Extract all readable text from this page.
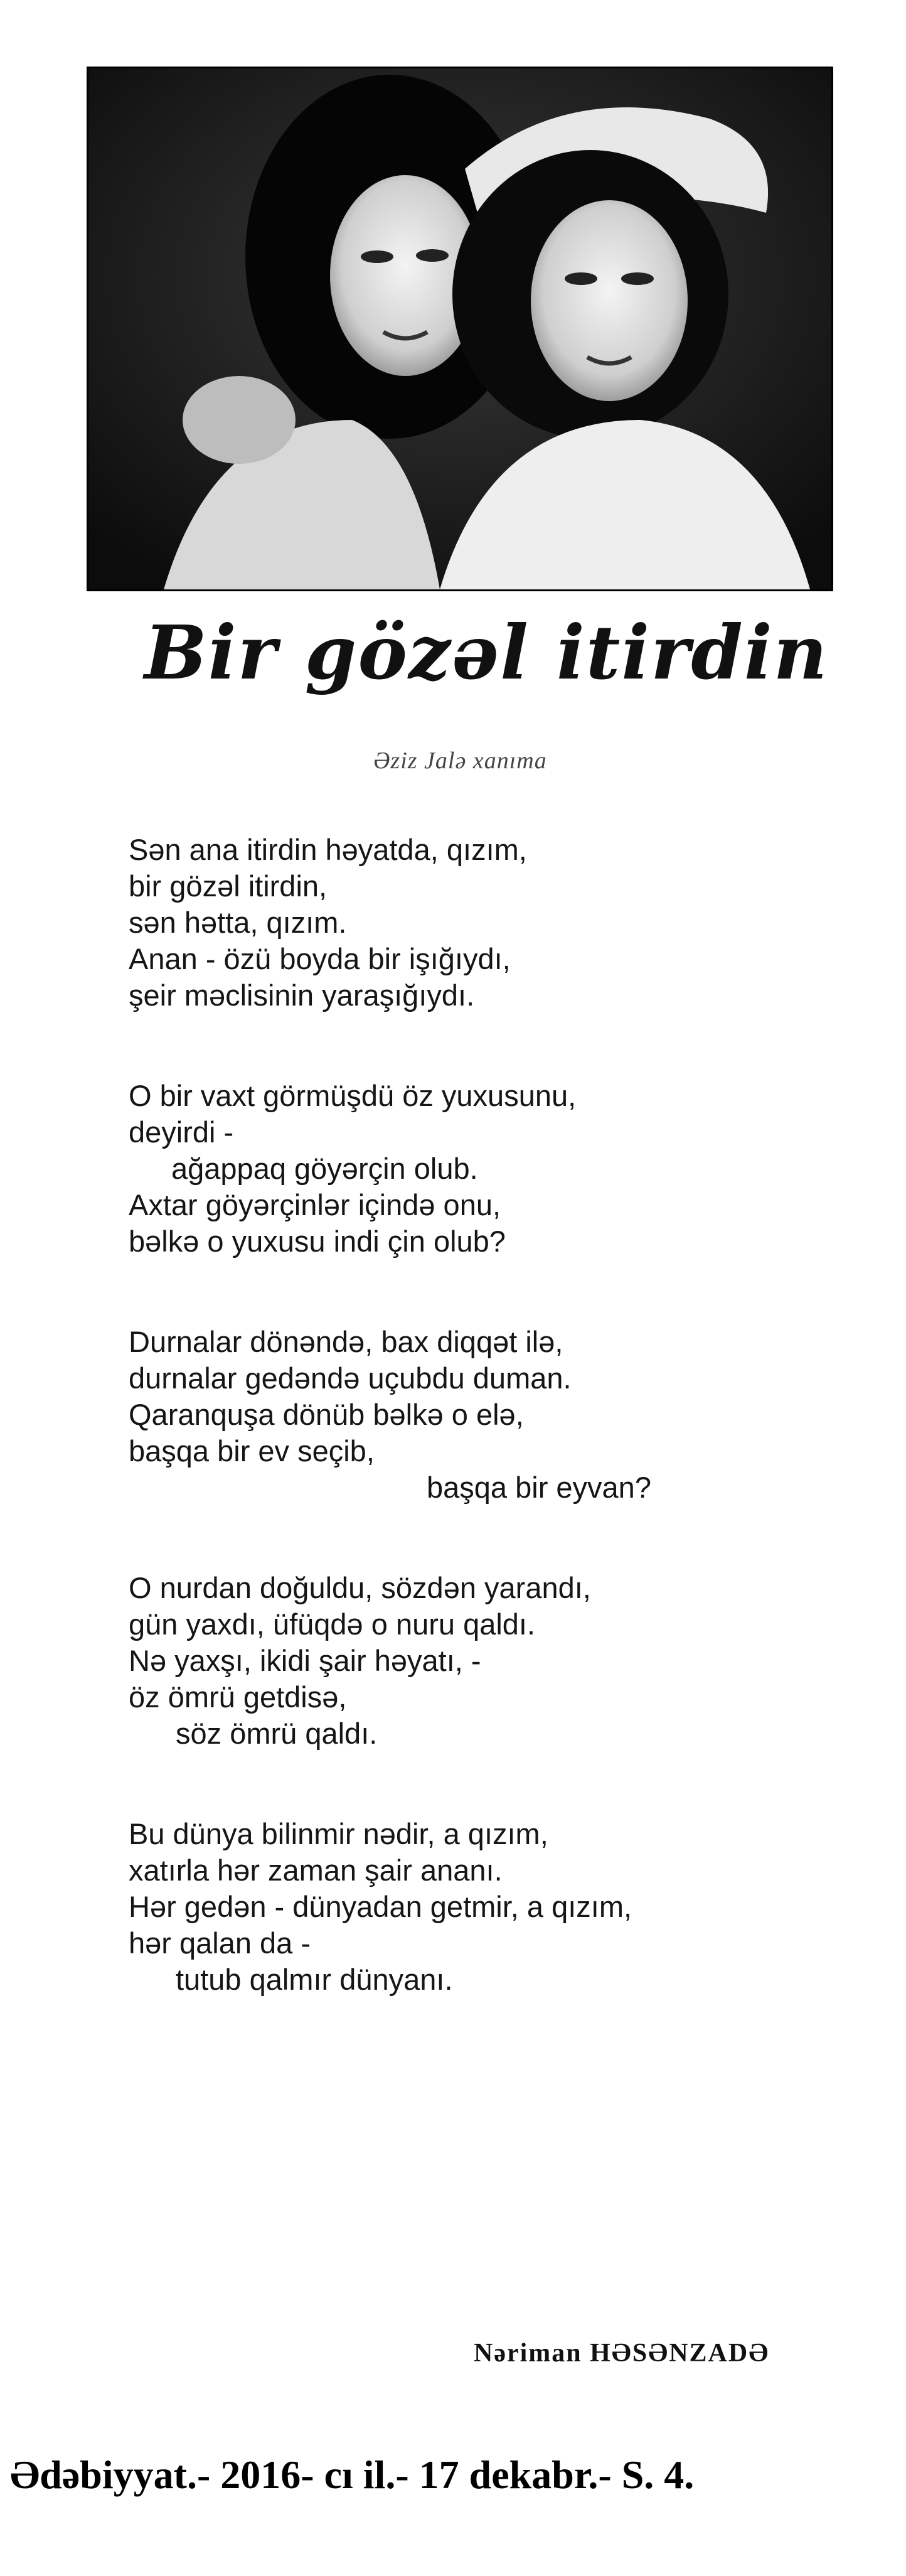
Bir gözəl itirdin
Əziz Jalə xanıma
Sən ana itirdin həyatda, qızım,
bir gözəl itirdin,
sən hətta, qızım.
Anan - özü boyda bir işığıydı,
şeir məclisinin yaraşığıydı.
O bir vaxt görmüşdü öz yuxusunu,
deyirdi -
ağappaq göyərçin olub.
Axtar göyərçinlər içində onu,
bəlkə o yuxusu indi çin olub?
Durnalar dönəndə, bax diqqət ilə,
durnalar gedəndə uçubdu duman.
Qaranquşa dönüb bəlkə o elə,
başqa bir ev seçib,
başqa bir eyvan?
O nurdan doğuldu, sözdən yarandı,
gün yaxdı, üfüqdə o nuru qaldı.
Nə yaxşı, ikidi şair həyatı, -
öz ömrü getdisə,
söz ömrü qaldı.
Bu dünya bilinmir nədir, a qızım,
xatırla hər zaman şair ananı.
Hər gedən - dünyadan getmir, a qızım,
hər qalan da -
tutub qalmır dünyanı.
Nəriman HƏSƏNZADƏ
Ədəbiyyat.- 2016- cı il.- 17 dekabr.- S. 4.
